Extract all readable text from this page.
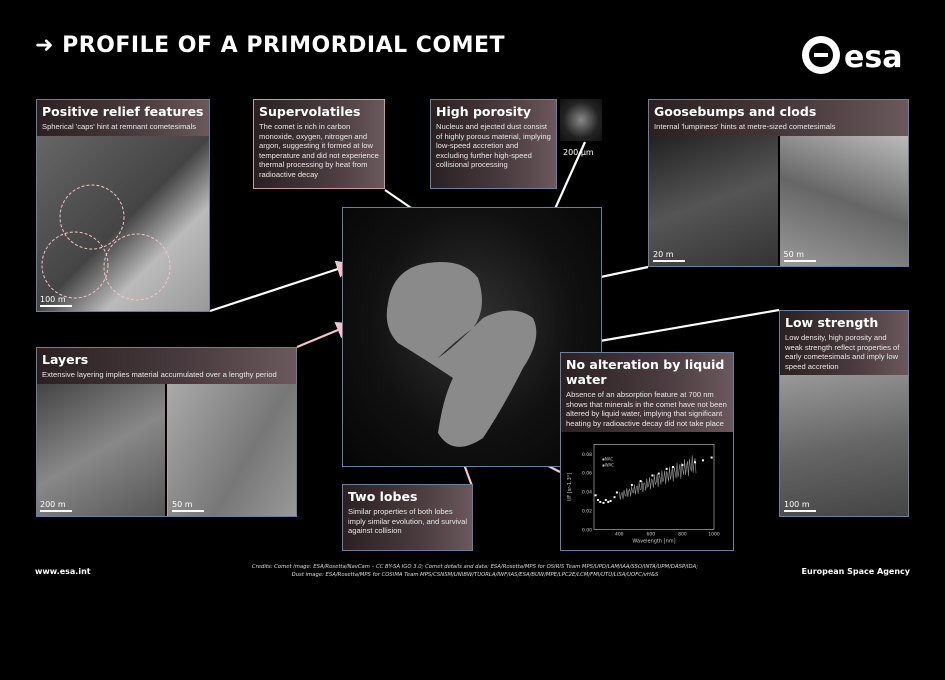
➜ PROFILE OF A PRIMORDIAL COMET	esa
Positive relief features

Spherical 'caps' hint at remnant cometesimals

100 m
Supervolatiles

The comet is rich in carbon monoxide, oxygen, nitrogen and argon, suggesting it formed at low temperature and did not experience thermal processing by heat from radioactive decay

High porosity

Nucleus and ejected dust consist of highly porous material, implying low-speed accretion and excluding further high-speed collisional processing

200 µm
Goosebumps and clods

Internal 'lumpiness' hints at metre-sized cometesimals

20 m	50 m
Layers

Extensive layering implies material accumulated over a lengthy period

200 m	50 m
Low strength

Low density, high porosity and weak strength reflect properties of early cometesimals and imply low speed accretion

100 m
No alteration by liquid water

Absence of an absorption feature at 700 nm shows that minerals in the comet have not been altered by liquid water, implying that significant heating by radioactive decay did not take place

0.00
0.02
0.04
0.06
0.08
400	600	800	1000
Wavelength [nm]
I/F [sr-1.3°]
▪NAC
▪WAC
Two lobes

Similar properties of both lobes imply similar evolution, and survival against collision

www.esa.int	Credits: Comet image: ESA/Rosetta/NavCam – CC BY-SA IGO 3.0; Comet details and data: ESA/Rosetta/MPS for OSIRIS Team MPS/UPD/LAM/IAA/SSO/INTA/UPM/DASP/IDA;
Dust image: ESA/Rosetta/MPS for COSIMA Team MPS/CSNSM/UNIBW/TUORLA/IWF/IAS/ESA/BUW/MPE/LPC2E/LCM/FMI/UTU/LISA/UOFC/vH&S	European Space Agency
